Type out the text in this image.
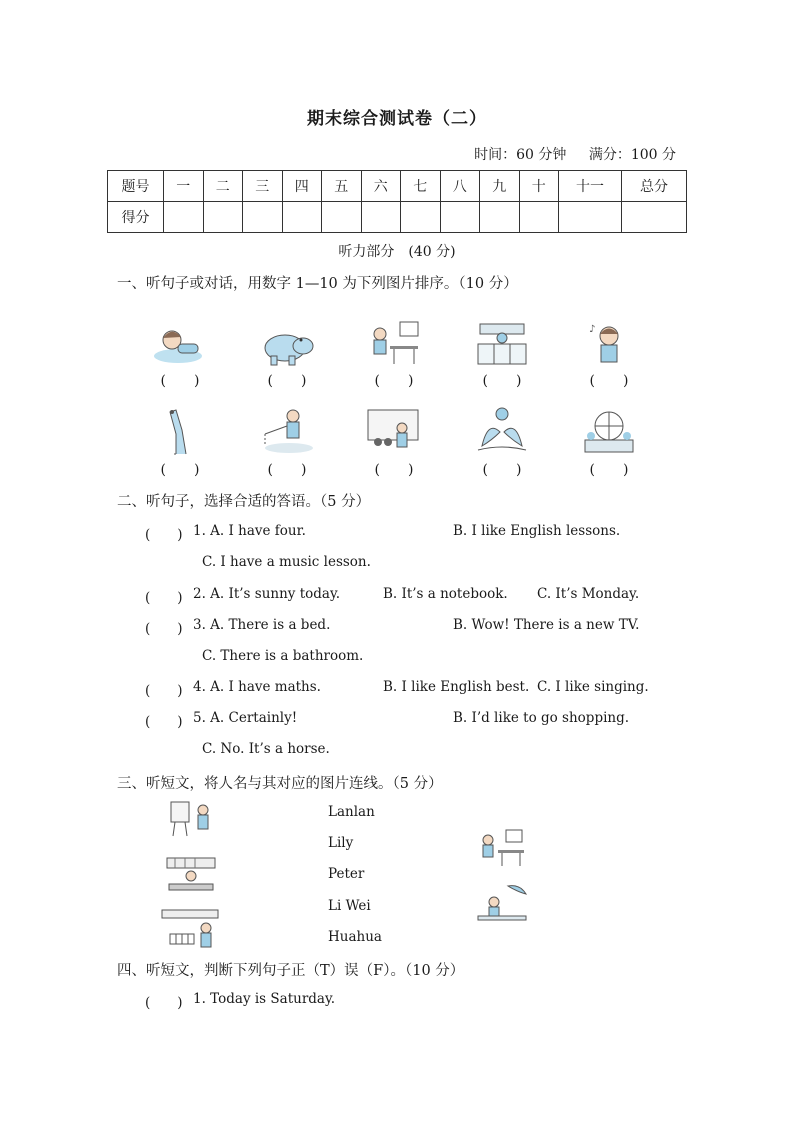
期末综合测试卷（二）
时间：60 分钟 满分：100 分
题号	一	二	三	四	五	六	七	八	九	十	十一	总分
得分												
听力部分　(40 分)
一、听句子或对话，用数字 1—10 为下列图片排序。（10 分）
♪
(　　)	(　　)	(　　)	(　　)	(　　)
(　　)	(　　)	(　　)	(　　)	(　　)
二、听句子，选择合适的答语。（5 分）
(　　) 1. A. I have four.	B. I like English lessons.
C. I have a music lesson.
(　　) 2. A. It’s sunny today.	B. It’s a notebook. C. It’s Monday.
(　　) 3. A. There is a bed.	B. Wow! There is a new TV.
C. There is a bathroom.
(　　) 4. A. I have maths.	B. I like English best. C. I like singing.
(　　) 5. A. Certainly!	B. I’d like to go shopping.
C. No. It’s a horse.
三、听短文，将人名与其对应的图片连线。（5 分）
Lanlan
Lily
Peter
Li Wei
Huahua
四、听短文，判断下列句子正（T）误（F）。（10 分）
(　　) 1. Today is Saturday.
